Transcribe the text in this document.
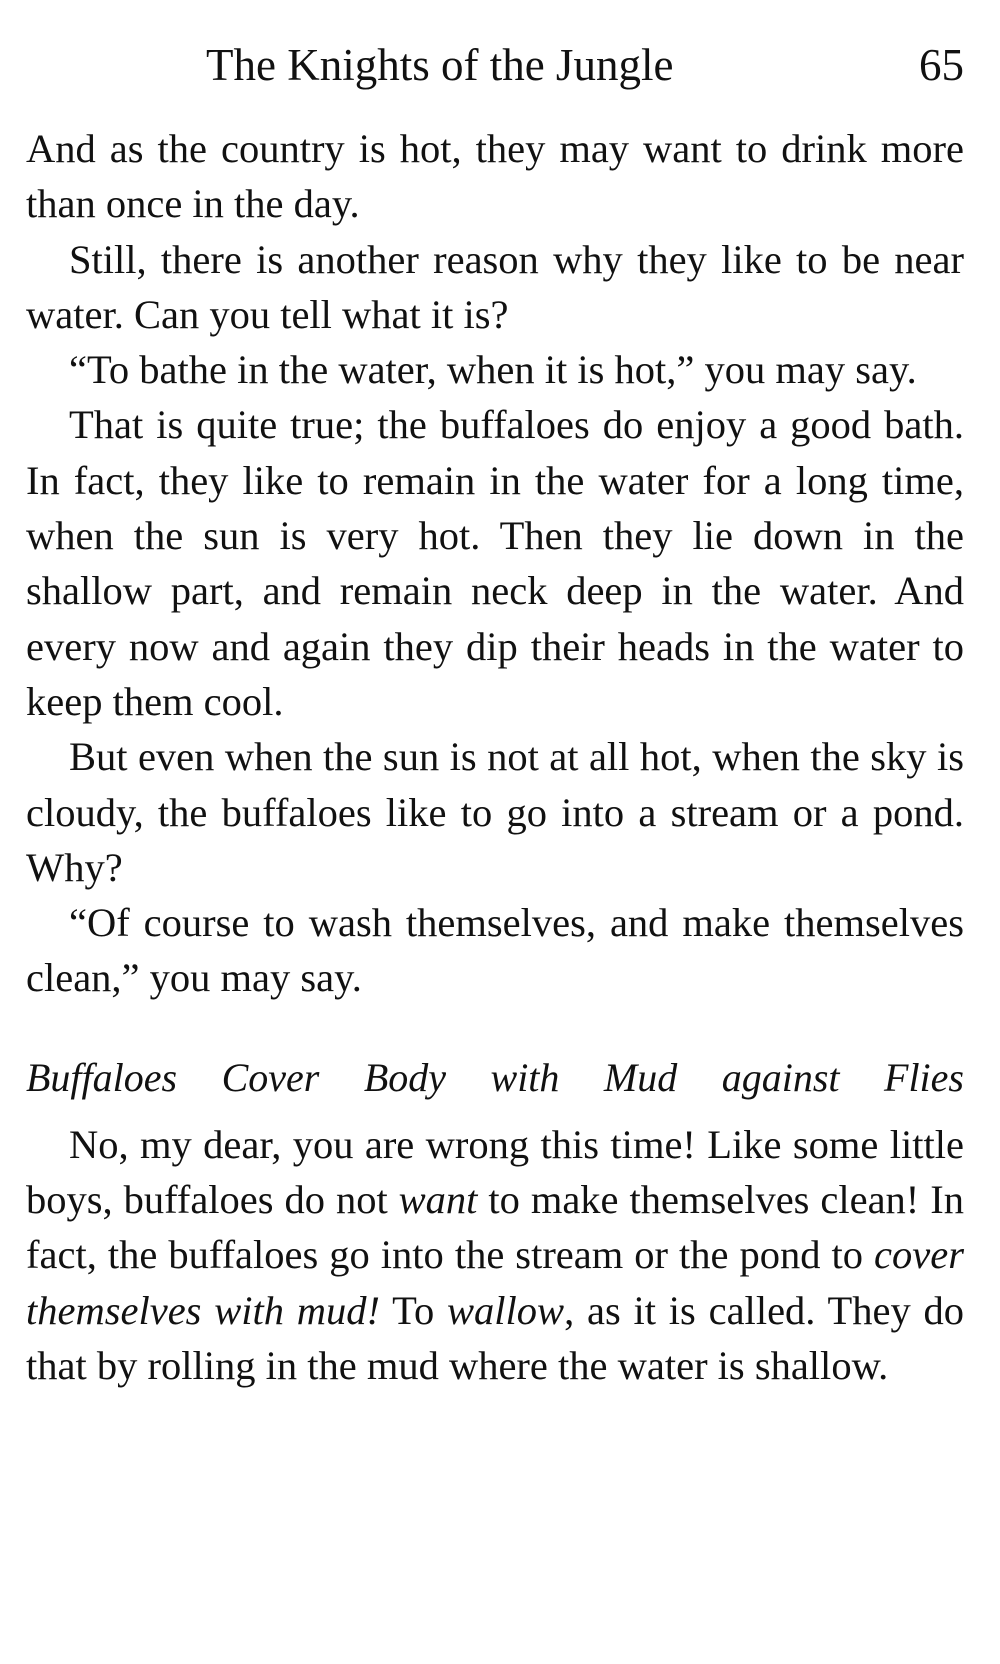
The Knights of the Jungle	65

And as the country is hot, they may want to drink more than once in the day.

Still, there is another reason why they like to be near water. Can you tell what it is?

“To bathe in the water, when it is hot,” you may say.

That is quite true; the buffaloes do enjoy a good bath. In fact, they like to remain in the water for a long time, when the sun is very hot. Then they lie down in the shallow part, and remain neck deep in the water. And every now and again they dip their heads in the water to keep them cool.

But even when the sun is not at all hot, when the sky is cloudy, the buffaloes like to go into a stream or a pond. Why?

“Of course to wash themselves, and make themselves clean,” you may say.

Buffaloes Cover Body with Mud against Flies

No, my dear, you are wrong this time! Like some little boys, buffaloes do not want to make themselves clean! In fact, the buffaloes go into the stream or the pond to cover themselves with mud! To wallow, as it is called. They do that by rolling in the mud where the water is shallow.
